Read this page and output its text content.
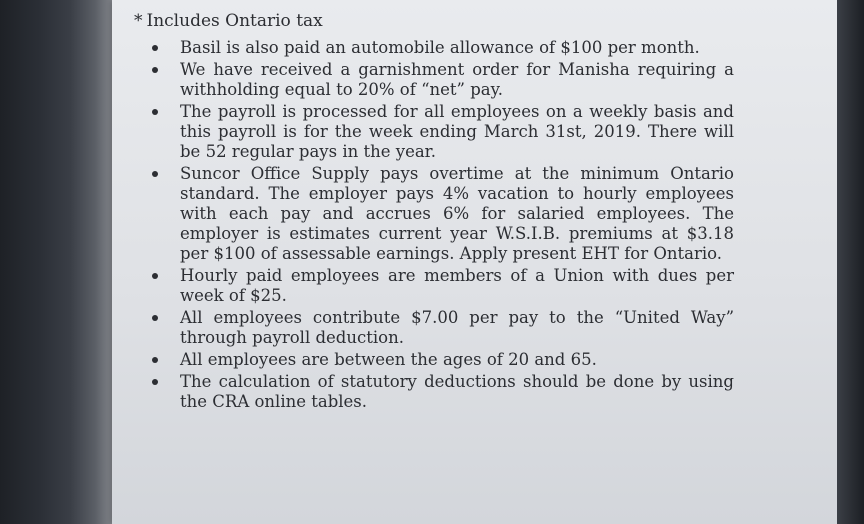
* Includes Ontario tax

Basil is also paid an automobile allowance of $100 per month.
We have received a garnishment order for Manisha requiring a withholding equal to 20% of “net” pay.
The payroll is processed for all employees on a weekly basis and this payroll is for the week ending March 31st, 2019. There will be 52 regular pays in the year.
Suncor Office Supply pays overtime at the minimum Ontario standard. The employer pays 4% vacation to hourly employees with each pay and accrues 6% for salaried employees. The employer is estimates current year W.S.I.B. premiums at $3.18 per $100 of assessable earnings. Apply present EHT for Ontario.
Hourly paid employees are members of a Union with dues per week of $25.
All employees contribute $7.00 per pay to the “United Way” through payroll deduction.
All employees are between the ages of 20 and 65.
The calculation of statutory deductions should be done by using the CRA online tables.
